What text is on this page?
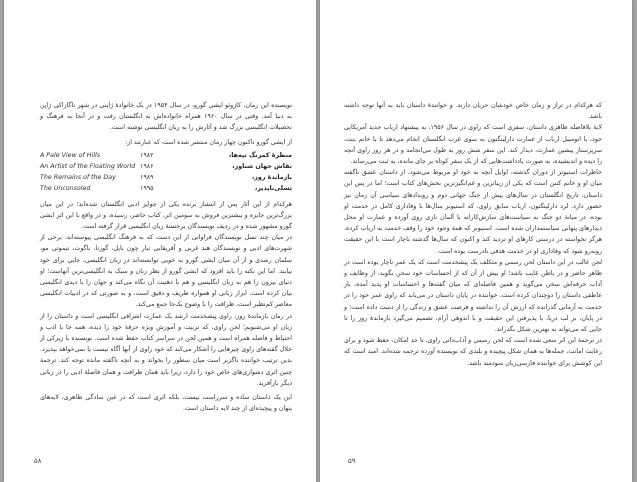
نویسنده این رمان، کازوئو ایشی گورو، در سال ۱۹۵۴ در یک خانوادهٔ ژاپنی در شهر ناگازاکی ژاپن به دنیا آمد. وقتی در سال ۱۹۶۰ همراه خانواده‌اش به انگلستان رفت و در آنجا به فرهنگ و تحصیلات انگلیسی بزرگ شد و آثارش را به زبان انگلیسی نوشته است.

از ایشی گورو تاکنون چهار رمان منتشر شده است که عبارتند از:

A Pale View of Hills	۱۹۸۲	منظرهٔ کمرنگ تپه‌ها،
An Artist of the Floating World ۱۹۸۶	نقاش جهان شناور،
The Remains of the Day	۱۹۸۹	بازماندهٔ روز،
The Unconsoled	۱۹۹۵	تسلی‌ناپذیر،

هرکدام از این آثار پس از انتشار برنده یکی از جوایز ادبی انگلستان شده‌اند؛ در این میان بزرگ‌ترین جایزه و بیشترین فروش به سومین اثر، کتاب حاضر، رسیده، و در واقع با این اثر ایشی گورو مشهور شده و در ردیف نویسندگان برجستهٔ زبان انگلیسی قرار گرفته است.

در میان چند نسل نویسندگان فراوانی از این دست که به فرهنگ انگلیسی پیوسته‌اند، برخی از شهرت‌های ادبی و نویسندگان هند غربی و آفریقایی تبار چون ناپل، گورنا، ناگوت، تیموتی مو، سلمان رشدی و از آن میان ایشی گورو به خوبی توانسته‌اند در زبان انگلیسی، جایی برای خود بیابند. اما این نکته را باید افزود که ایشی گورو از نظر زبان و سبک به انگلیسی‌ترین آنهاست؛ او دنیای بیرون را هم به زبان انگلیسی و هم با ذهنیت آن نگاه می‌کند و جهان را با دیدی انگلیسی بیان کرده است. ابزار زبانی او همواره ظریف و دقیق است، و به صورتی که در ادبیات انگلیسی معاصر کم‌نظیر است، ظرافت را با وضوح یک‌جا جمع می‌کند.

در رمان بازماندهٔ روز، راوی پیشخدمت ارشد یک عمارت اشرافی انگلیسی است و داستان را از زبان او می‌شنویم؛ لحن راوی، که تربیت و آموزش ویژه حرفهٔ خود را دیده، همه جا با ادب و احتیاط و فاصله همراه است و همین لحن در سراسر کتاب حفظ شده است. نویسنده با زیرکی از خلال گفته‌های راوی چیزهایی را آشکار می‌کند که خود راوی از آنها آگاه نیست یا نمی‌خواهد بپذیرد. بدین ترتیب خواننده ناگزیر است میان سطور را بخواند و به آنچه ناگفته مانده توجه کند. ترجمهٔ چنین اثری دشواری‌های خاص خود را دارد، زیرا باید همان ظرافت و همان فاصلهٔ ادبی را در زبانی دیگر بازآفرید.

این یک داستان ساده و سرراست نیست، بلکه اثری است که در عین سادگی ظاهری، لایه‌های پنهان و پیچیده‌ای از چند لایه داستان است.

۵۸

که هرکدام در تراز و زمان خاص خودشان جریان دارند. و خوانندهٔ داستان باید به آنها توجه داشته باشد.

لایهٔ بلافاصله ظاهری داستان، سفری است که راوی در سال ۱۹۵۶، به پیشنهاد ارباب جدید آمریکایی خود، با اتومبیل ارباب از عمارت دارلینگتون به سوی غرب انگلستان انجام می‌دهد تا با خانم بنت، سرپرستار پیشین عمارت، دیدار کند. این سفر شش روز به طول می‌انجامد و در هر روز راوی آنچه را دیده و اندیشیده، به صورت یادداشت‌هایی که از یک سفر کوتاه بر جای مانده، به ثبت می‌رساند.

خاطرات استیونز از دوران گذشته، اوایل آنچه به خود او مربوط می‌شود، از داستان عشق ناگفته میان او و خانم کنتن است که یکی از زیباترین و غم‌انگیزترین بخش‌های کتاب است؛ اما در پس این داستان، تاریخ انگلستان در سال‌های پیش از جنگ جهانی دوم و رویدادهای سیاسی آن زمان نیز حضور دارد. لرد دارلینگتون، ارباب سابق راوی، که استیونز سال‌ها با وفاداری کامل در خدمت او بوده، در میانهٔ دو جنگ به سیاست‌های سازش‌کارانه با آلمان نازی روی آورده و عمارت او محل دیدارهای پنهانی سیاستمداران شده است. استیونز که همهٔ وجود خود را وقف خدمت به ارباب کرده، هرگز نخواسته در درستی کارهای او تردید کند و اکنون که سال‌ها گذشته ناچار است با این حقیقت روبه‌رو شود که وفاداری او در خدمت هدفی نادرست بوده است.

لحن غالب در این داستان لحن رسمی و متکلف یک پیشخدمت است که یک عمر ناچار بوده است در ظاهر حاضر و در باطن غایب باشد؛ او بیش از آن که از احساسات خود سخن بگوید، از وظایف و آداب حرفه‌اش سخن می‌گوید و همین فاصله‌ای که میان گفته‌ها و احساسات او پدید آمده، بار عاطفی داستان را دوچندان کرده است. خواننده در پایان داستان در می‌یابد که راوی عمر خود را در خدمت به آرمانی گذرانده که ارزش آن را نداشته و فرصت عشق و زندگی را از دست داده است؛ و در پایان، بر لب دریا، با پذیرفتن این حقیقت و با اندوهی آرام، تصمیم می‌گیرد بازماندهٔ روز را تا جایی که می‌تواند به بهترین شکل بگذراند.

در ترجمهٔ این اثر سعی شده است که لحن رسمی و آداب‌دانی راوی، تا حد امکان، حفظ شود و برای رعایت امانت، جمله‌ها به همان شکل پیچیده و بلندی که نویسنده آورده ترجمه شده‌اند. امید است که این کوشش برای خواننده فارسی‌زبان سودمند باشد.

۵۹
